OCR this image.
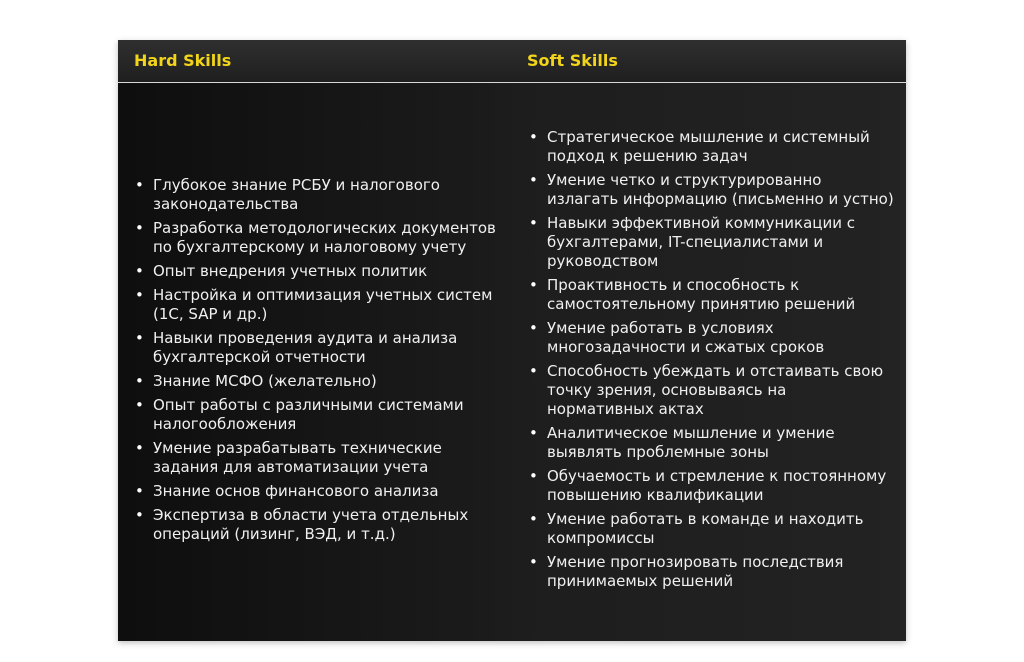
Hard Skills	Soft Skills
• Глубокое знание РСБУ и налогового законодательства
• Разработка методологических документов по бухгалтерскому и налоговому учету
• Опыт внедрения учетных политик
• Настройка и оптимизация учетных систем (1С, SAP и др.)
• Навыки проведения аудита и анализа бухгалтерской отчетности
• Знание МСФО (желательно)
• Опыт работы с различными системами налогообложения
• Умение разрабатывать технические задания для автоматизации учета
• Знание основ финансового анализа
• Экспертиза в области учета отдельных операций (лизинг, ВЭД, и т.д.)
• Стратегическое мышление и системный подход к решению задач
• Умение четко и структурированно излагать информацию (письменно и устно)
• Навыки эффективной коммуникации с бухгалтерами, IT-специалистами и руководством
• Проактивность и способность к самостоятельному принятию решений
• Умение работать в условиях многозадачности и сжатых сроков
• Способность убеждать и отстаивать свою точку зрения, основываясь на нормативных актах
• Аналитическое мышление и умение выявлять проблемные зоны
• Обучаемость и стремление к постоянному повышению квалификации
• Умение работать в команде и находить компромиссы
• Умение прогнозировать последствия принимаемых решений
